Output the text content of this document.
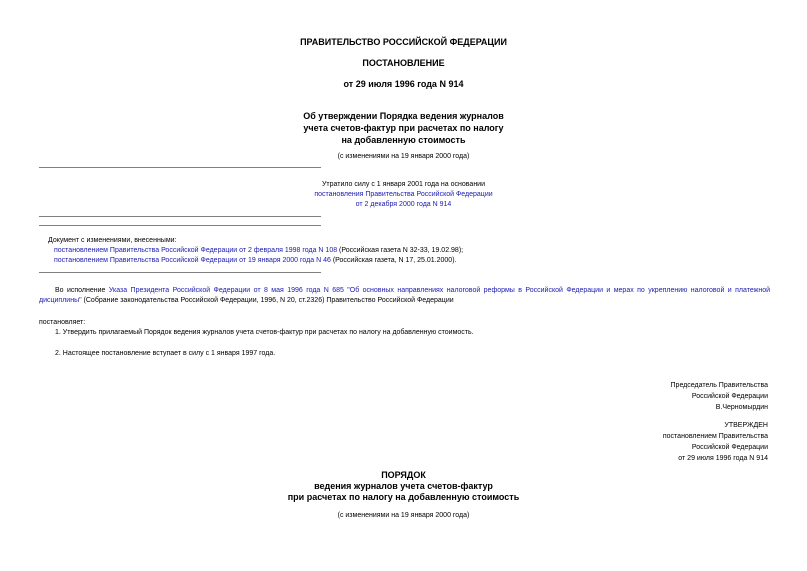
ПРАВИТЕЛЬСТВО РОССИЙСКОЙ ФЕДЕРАЦИИ
ПОСТАНОВЛЕНИЕ
от 29 июля 1996 года N 914
Об утверждении Порядка ведения журналов
учета счетов-фактур при расчетах по налогу
на добавленную стоимость
(с изменениями на 19 января 2000 года)
Утратило силу с 1 января 2001 года на основании
постановления Правительства Российской Федерации
от 2 декабря 2000 года N 914
Документ с изменениями, внесенными:
постановлением Правительства Российской Федерации от 2 февраля 1998 года N 108 (Российская газета N 32-33, 19.02.98);
постановлением Правительства Российской Федерации от 19 января 2000 года N 46 (Российская газета, N 17, 25.01.2000).
Во исполнение Указа Президента Российской Федерации от 8 мая 1996 года N 685 "Об основных направлениях налоговой реформы в Российской Федерации и мерах по укреплению налоговой и платежной дисциплины" (Собрание законодательства Российской Федерации, 1996, N 20, ст.2326) Правительство Российской Федерации
постановляет:
1. Утвердить прилагаемый Порядок ведения журналов учета счетов-фактур при расчетах по налогу на добавленную стоимость.
2. Настоящее постановление вступает в силу с 1 января 1997 года.
Председатель Правительства
Российской Федерации
В.Черномырдин
УТВЕРЖДЕН
постановлением Правительства
Российской Федерации
от 29 июля 1996 года N 914
ПОРЯДОК
ведения журналов учета счетов-фактур
при расчетах по налогу на добавленную стоимость
(с изменениями на 19 января 2000 года)
